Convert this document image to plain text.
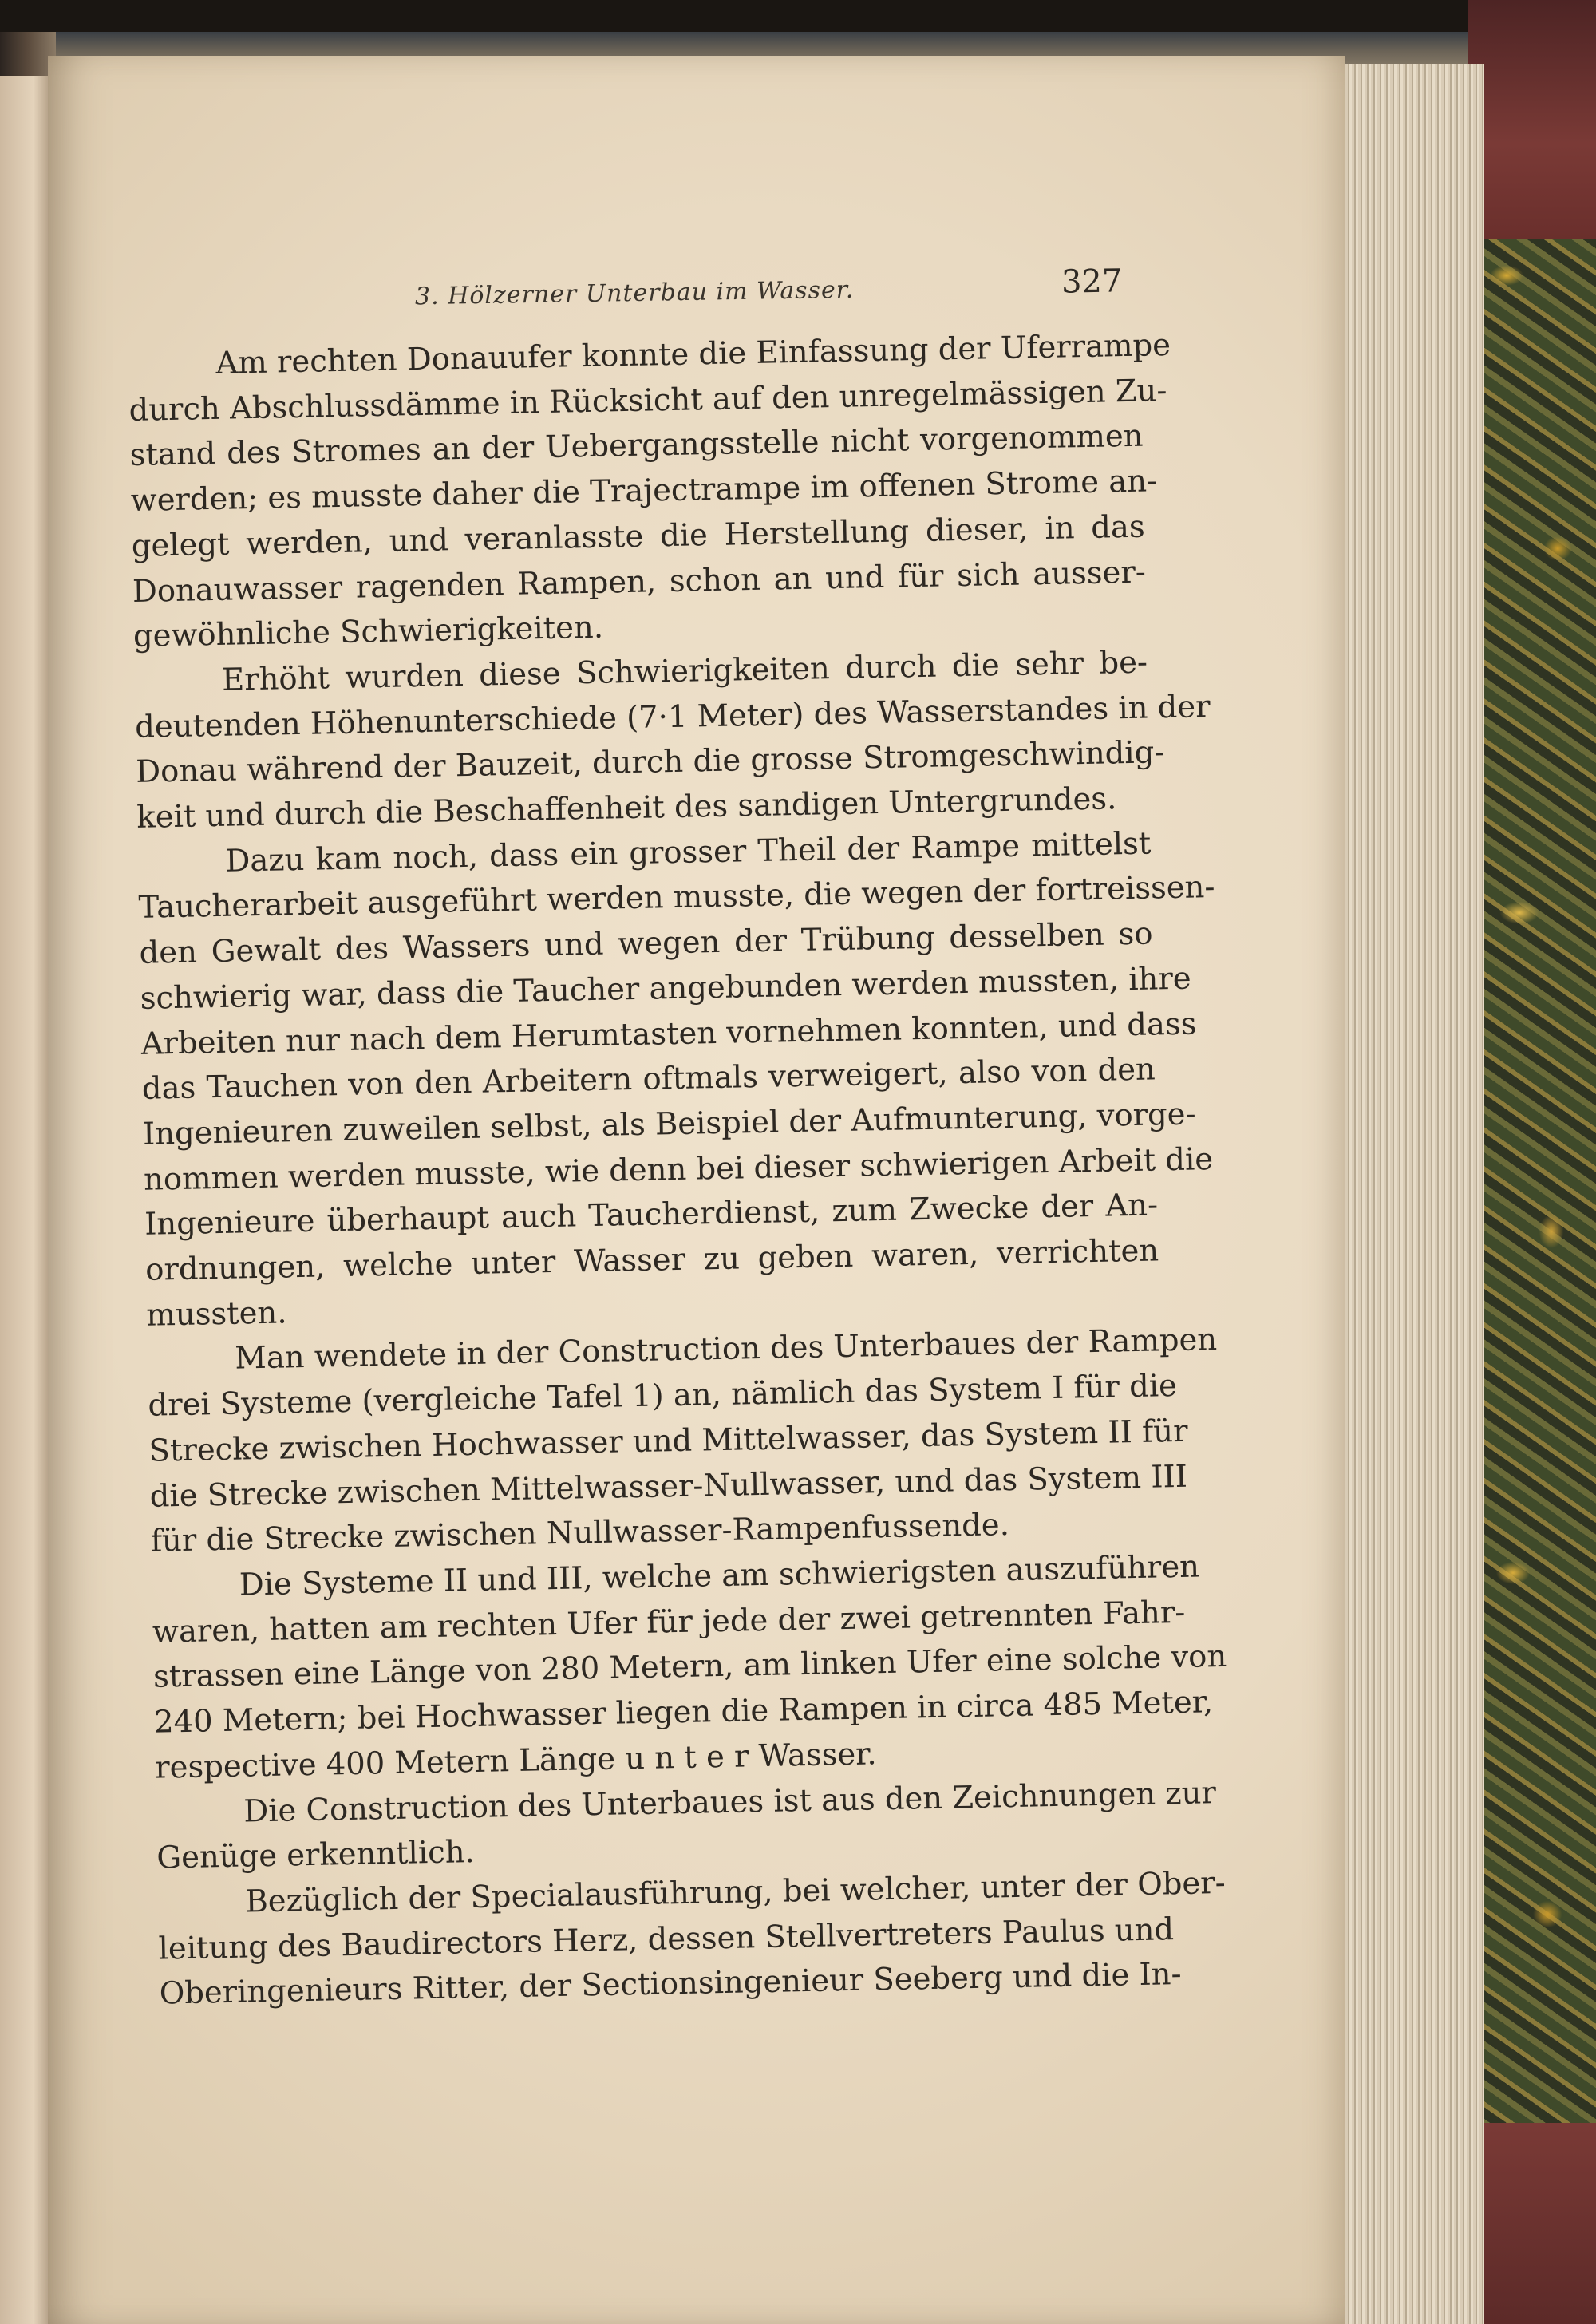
3. Hölzerner Unterbau im Wasser.	327

Am rechten Donauufer konnte die Einfassung der Uferrampe
durch Abschlussdämme in Rücksicht auf den unregelmässigen Zu-
stand des Stromes an der Uebergangsstelle nicht vorgenommen
werden; es musste daher die Trajectrampe im offenen Strome an-
gelegt werden, und veranlasste die Herstellung dieser, in das
Donauwasser ragenden Rampen, schon an und für sich ausser-
gewöhnliche Schwierigkeiten.

Erhöht wurden diese Schwierigkeiten durch die sehr be-
deutenden Höhenunterschiede (7·1 Meter) des Wasserstandes in der
Donau während der Bauzeit, durch die grosse Stromgeschwindig-
keit und durch die Beschaffenheit des sandigen Untergrundes.

Dazu kam noch, dass ein grosser Theil der Rampe mittelst
Taucherarbeit ausgeführt werden musste, die wegen der fortreissen-
den Gewalt des Wassers und wegen der Trübung desselben so
schwierig war, dass die Taucher angebunden werden mussten, ihre
Arbeiten nur nach dem Herumtasten vornehmen konnten, und dass
das Tauchen von den Arbeitern oftmals verweigert, also von den
Ingenieuren zuweilen selbst, als Beispiel der Aufmunterung, vorge-
nommen werden musste, wie denn bei dieser schwierigen Arbeit die
Ingenieure überhaupt auch Taucherdienst, zum Zwecke der An-
ordnungen, welche unter Wasser zu geben waren, verrichten
mussten.

Man wendete in der Construction des Unterbaues der Rampen
drei Systeme (vergleiche Tafel 1) an, nämlich das System I für die
Strecke zwischen Hochwasser und Mittelwasser, das System II für
die Strecke zwischen Mittelwasser-Nullwasser, und das System III
für die Strecke zwischen Nullwasser-Rampenfussende.

Die Systeme II und III, welche am schwierigsten auszuführen
waren, hatten am rechten Ufer für jede der zwei getrennten Fahr-
strassen eine Länge von 280 Metern, am linken Ufer eine solche von
240 Metern; bei Hochwasser liegen die Rampen in circa 485 Meter,
respective 400 Metern Länge u n t e r Wasser.

Die Construction des Unterbaues ist aus den Zeichnungen zur
Genüge erkenntlich.

Bezüglich der Specialausführung, bei welcher, unter der Ober-
leitung des Baudirectors Herz, dessen Stellvertreters Paulus und
Oberingenieurs Ritter, der Sectionsingenieur Seeberg und die In-
